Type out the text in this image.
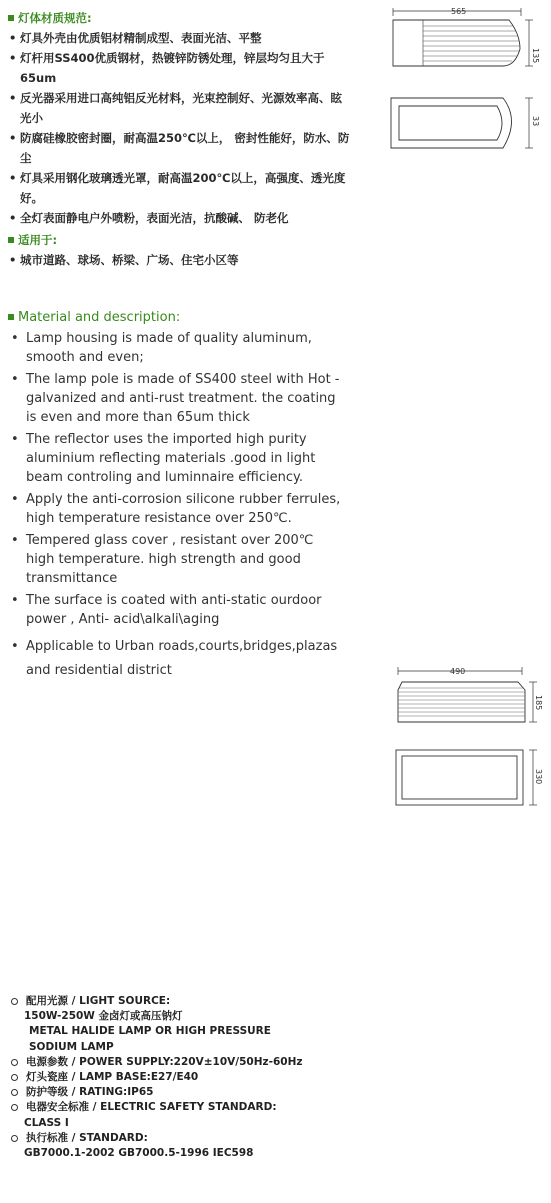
灯体材质规范:
• 灯具外壳由优质铝材精制成型、表面光洁、平整
• 灯杆用SS400优质钢材，热镀锌防锈处理，锌层均匀且大于65um
• 反光器采用进口高纯铝反光材料，光束控制好、光源效率高、眩光小
• 防腐硅橡胶密封圈，耐高温250℃以上， 密封性能好，防水、防尘
• 灯具采用钢化玻璃透光罩，耐高温200℃以上，高强度、透光度好。
• 全灯表面静电户外喷粉，表面光洁，抗酸碱、 防老化
适用于:
• 城市道路、球场、桥梁、广场、住宅小区等
Material and description:
• Lamp housing is made of quality aluminum, smooth and even;
• The lamp pole is made of SS400 steel with Hot -galvanized and anti-rust treatment. the coating is even and more than 65um thick
• The reflector uses the imported high purity aluminium reflecting materials .good in light beam controling and luminnaire efficiency.
• Apply the anti-corrosion silicone rubber ferrules, high temperature resistance over 250℃.
• Tempered glass cover , resistant over 200℃ high temperature. high strength and good transmittance
• The surface is coated with anti-static ourdoor power , Anti- acid\alkali\aging
• Applicable to Urban roads,courts,bridges,plazas and residential district
565
135
33
490
185
330
配用光源 / LIGHT SOURCE:
150W-250W 金卤灯或高压钠灯
METAL HALIDE LAMP OR HIGH PRESSURE
SODIUM LAMP
电源参数 / POWER SUPPLY:220V±10V/50Hz-60Hz
灯头瓷座 / LAMP BASE:E27/E40
防护等级 / RATING:IP65
电器安全标准 / ELECTRIC SAFETY STANDARD:
CLASS I
执行标准 / STANDARD:
GB7000.1-2002 GB7000.5-1996 IEC598
